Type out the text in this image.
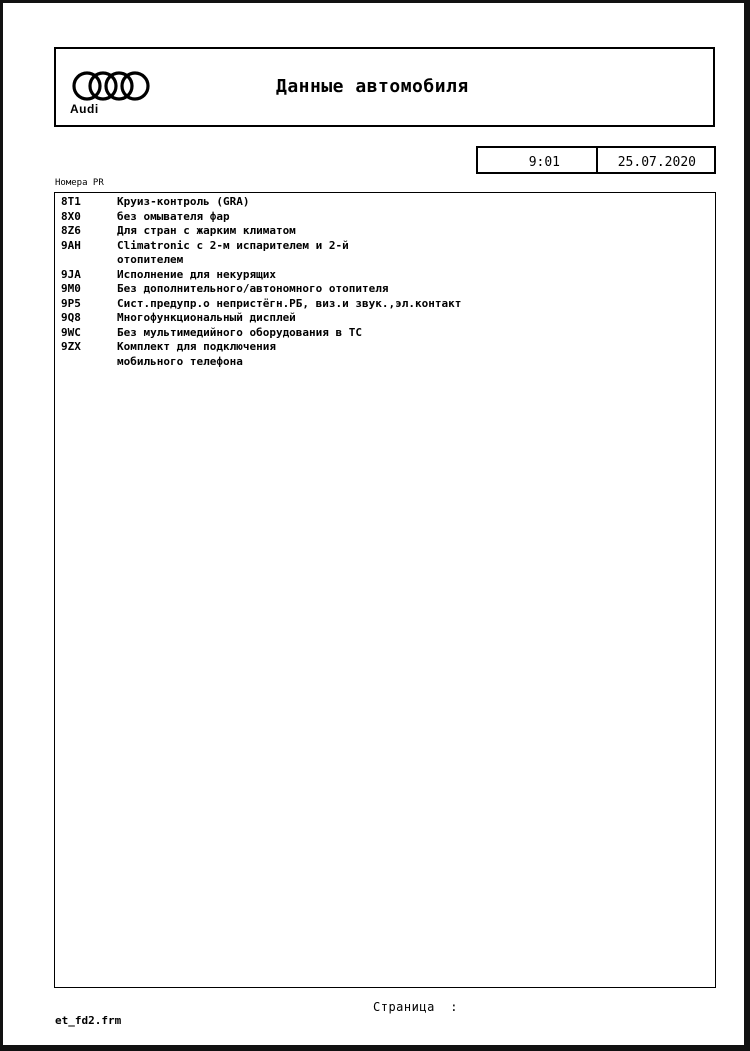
Audi
Данные автомобиля
9:01	25.07.2020
Номера PR
8T1	Круиз-контроль (GRA)
8X0	без омывателя фар
8Z6	Для стран с жарким климатом
9AH	Climatronic с 2-м испарителем и 2-й
отопителем
9JA	Исполнение для некурящих
9M0	Без дополнительного/автономного отопителя
9P5	Сист.предупр.о непристёгн.РБ, виз.и звук.,эл.контакт
9Q8	Многофункциональный дисплей
9WC	Без мультимедийного оборудования в ТС
9ZX	Комплект для подключения
мобильного телефона
Страница  :
et_fd2.frm
